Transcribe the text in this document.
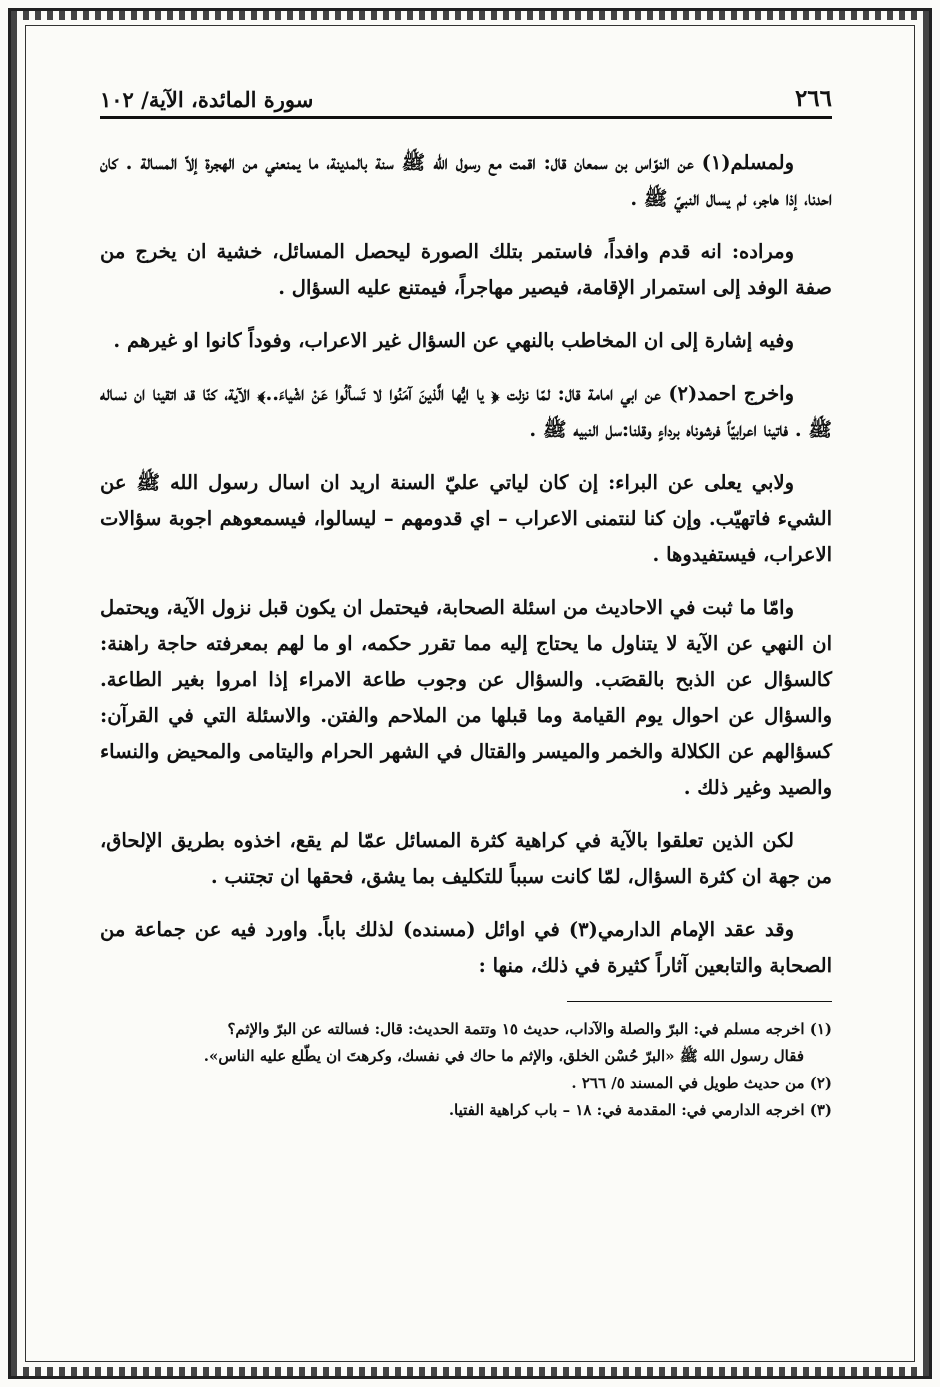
٢٦٦
سورة المائدة، الآية/ ١٠٢

ولمسلم(١) عن النوّاس بن سمعان قال: اقمت مع رسول الله ﷺ سنة بالمدينة، ما يمنعني من الهجرة إلاّ المسالة . كان احدنا، إذا هاجر، لم يسال النبيّ ﷺ .

ومراده: انه قدم وافداً، فاستمر بتلك الصورة ليحصل المسائل، خشية ان يخرج من صفة الوفد إلى استمرار الإقامة، فيصير مهاجراً، فيمتنع عليه السؤال .

وفيه إشارة إلى ان المخاطب بالنهي عن السؤال غير الاعراب، وفوداً كانوا او غيرهم .

واخرج احمد(٢) عن ابي امامة قال: لمّا نزلت ﴿ يا ايُّها الَّذينَ آمَنُوا لا تَسألُوا عَنْ اشْياءَ..﴾ الآية، كنّا قد اتقينا ان نساله ﷺ . فاتينا اعرابيّاً فرشوناه برداءٍ وقلنا:سل النبيه ﷺ .

ولابي يعلى عن البراء: إن كان لياتي عليّ السنة اريد ان اسال رسول الله ﷺ عن الشيء فاتهيّب. وإن كنا لنتمنى الاعراب – اي قدومهم – ليسالوا، فيسمعوهم اجوبة سؤالات الاعراب، فيستفيدوها .

وامّا ما ثبت في الاحاديث من اسئلة الصحابة، فيحتمل ان يكون قبل نزول الآية، ويحتمل ان النهي عن الآية لا يتناول ما يحتاج إليه مما تقرر حكمه، او ما لهم بمعرفته حاجة راهنة: كالسؤال عن الذبح بالقصَب. والسؤال عن وجوب طاعة الامراء إذا امروا بغير الطاعة. والسؤال عن احوال يوم القيامة وما قبلها من الملاحم والفتن. والاسئلة التي في القرآن: كسؤالهم عن الكلالة والخمر والميسر والقتال في الشهر الحرام واليتامى والمحيض والنساء والصيد وغير ذلك .

لكن الذين تعلقوا بالآية في كراهية كثرة المسائل عمّا لم يقع، اخذوه بطريق الإلحاق، من جهة ان كثرة السؤال، لمّا كانت سبباً للتكليف بما يشق، فحقها ان تجتنب .

وقد عقد الإمام الدارمي(٣) في اوائل (مسنده) لذلك باباً. واورد فيه عن جماعة من الصحابة والتابعين آثاراً كثيرة في ذلك، منها :

(١) اخرجه مسلم في: البرّ والصلة والآداب، حديث ١٥ وتتمة الحديث: قال: فسالته عن البرّ والإثم؟

فقال رسول الله ﷺ «البرّ حُسْن الخلق، والإثم ما حاك في نفسك، وكرهتَ ان يطّلع عليه الناس».

(٢) من حديث طويل في المسند ٥/ ٢٦٦ .

(٣) اخرجه الدارمي في: المقدمة في: ١٨ – باب كراهية الفتيا.
